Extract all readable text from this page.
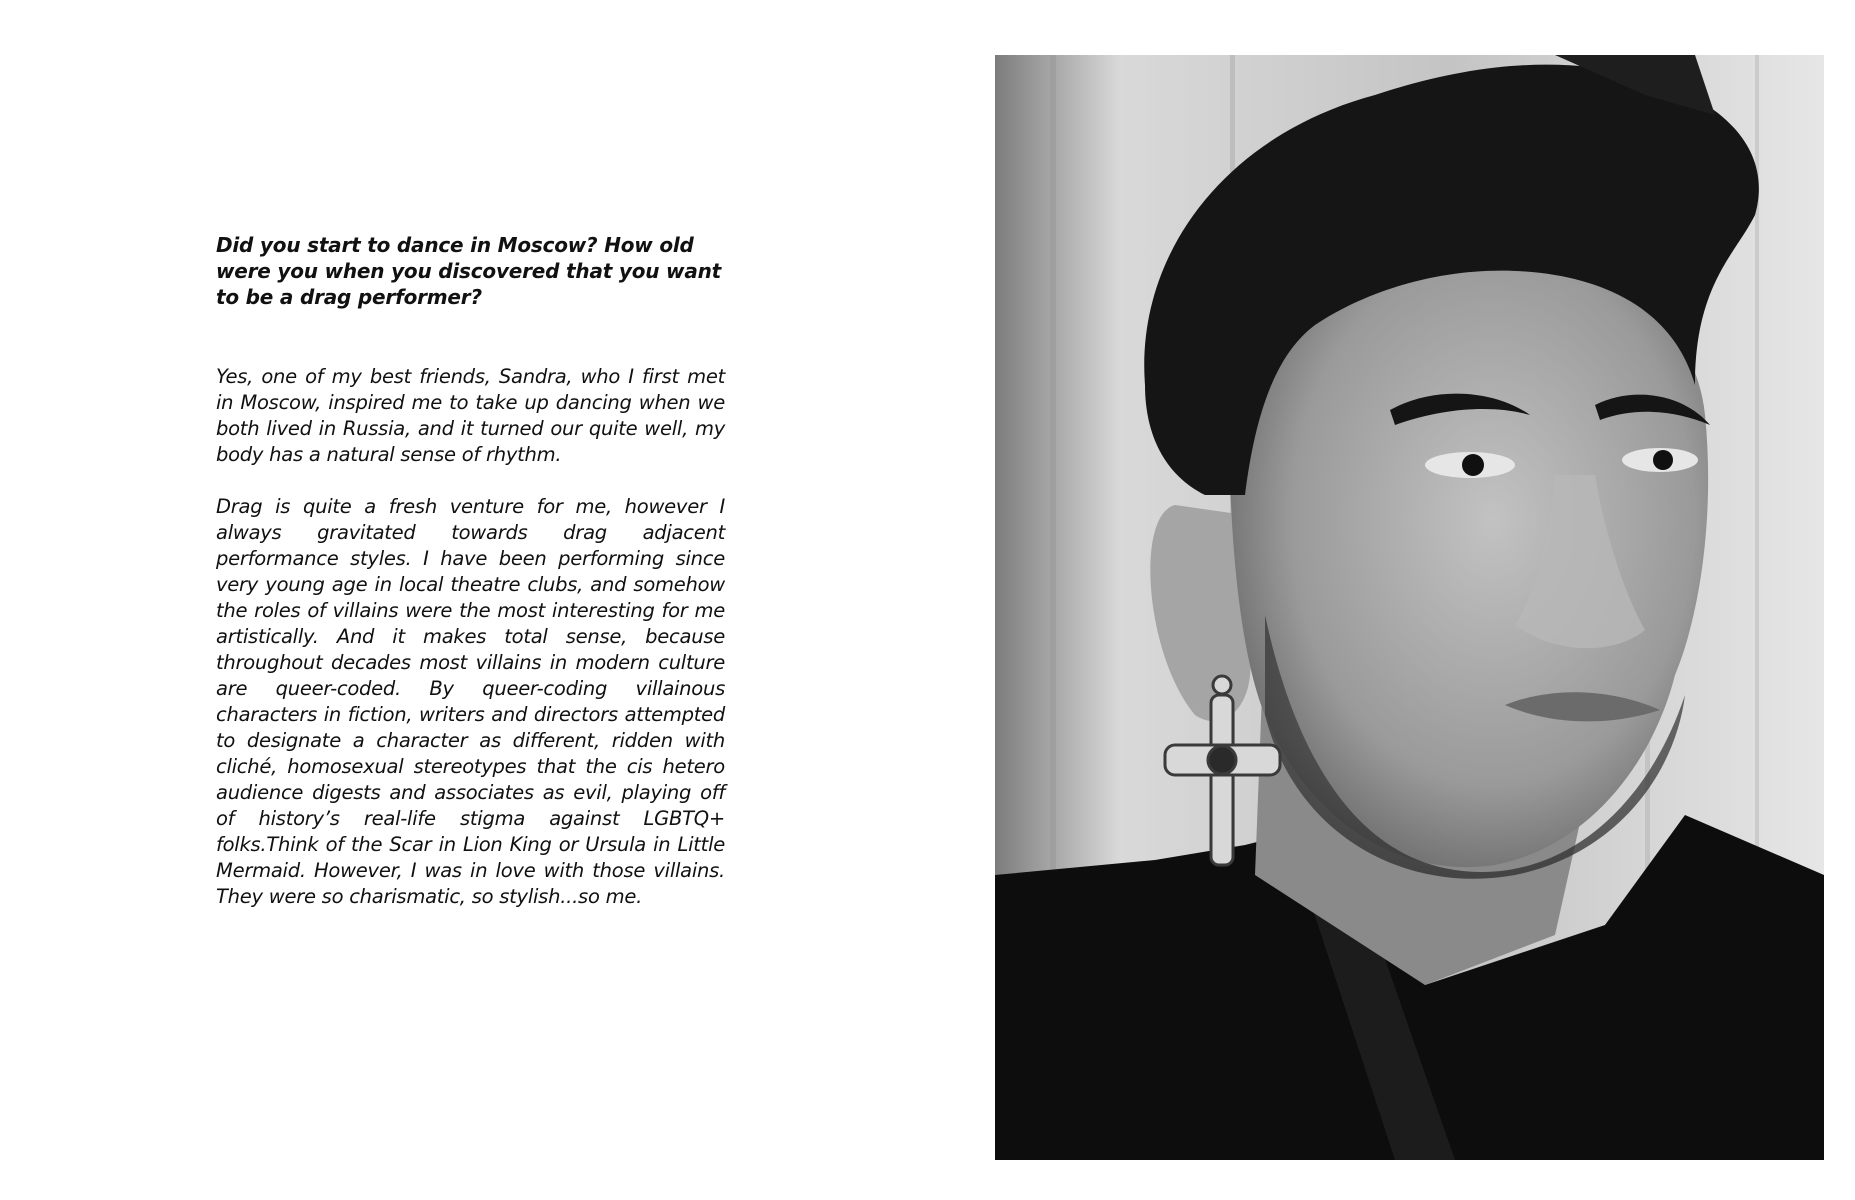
Did you start to dance in Moscow? How old were you when you discovered that you want to be a drag performer?

Yes, one of my best friends, Sandra, who I first met in Moscow, inspired me to take up dancing when we both lived in Russia, and it turned our quite well, my body has a natural sense of rhythm.

Drag is quite a fresh venture for me, however I always gravitated towards drag adjacent performance styles. I have been performing since very young age in local theatre clubs, and somehow the roles of villains were the most interesting for me artistically. And it makes total sense, because throughout decades most villains in modern culture are queer-coded. By queer-coding villainous characters in fiction, writers and directors attempted to designate a character as different, ridden with cliché, homosexual stereotypes that the cis hetero audience digests and associates as evil, playing off of history’s real-life stigma against LGBTQ+ folks.Think of the Scar in Lion King or Ursula in Little Mermaid. However, I was in love with those villains. They were so charismatic, so stylish...so me.
